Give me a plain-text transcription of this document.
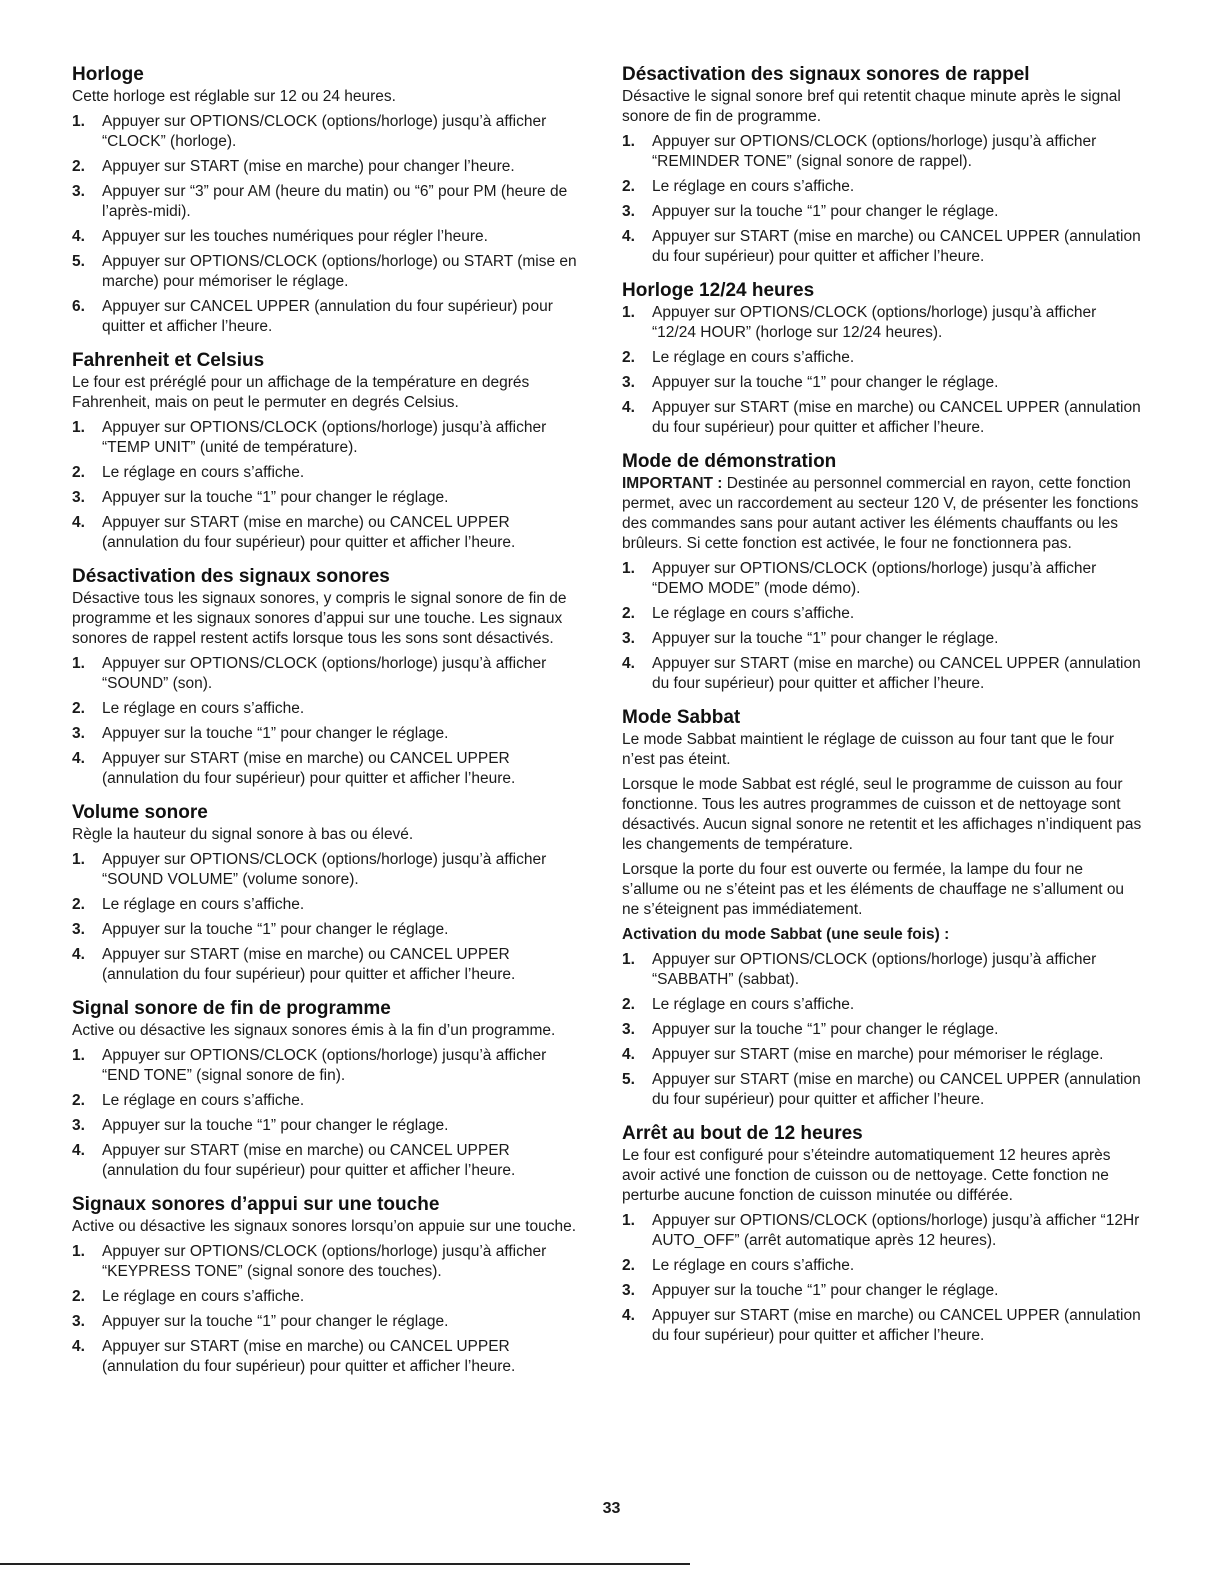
Horloge

Cette horloge est réglable sur 12 ou 24 heures.

1. Appuyer sur OPTIONS/CLOCK (options/horloge) jusqu’à afficher “CLOCK” (horloge).
2. Appuyer sur START (mise en marche) pour changer l’heure.
3. Appuyer sur “3” pour AM (heure du matin) ou “6” pour PM (heure de l’après-midi).
4. Appuyer sur les touches numériques pour régler l’heure.
5. Appuyer sur OPTIONS/CLOCK (options/horloge) ou START (mise en marche) pour mémoriser le réglage.
6. Appuyer sur CANCEL UPPER (annulation du four supérieur) pour quitter et afficher l’heure.
Fahrenheit et Celsius

Le four est préréglé pour un affichage de la température en degrés Fahrenheit, mais on peut le permuter en degrés Celsius.

1. Appuyer sur OPTIONS/CLOCK (options/horloge) jusqu’à afficher “TEMP UNIT” (unité de température).
2. Le réglage en cours s’affiche.
3. Appuyer sur la touche “1” pour changer le réglage.
4. Appuyer sur START (mise en marche) ou CANCEL UPPER (annulation du four supérieur) pour quitter et afficher l’heure.
Désactivation des signaux sonores

Désactive tous les signaux sonores, y compris le signal sonore de fin de programme et les signaux sonores d’appui sur une touche. Les signaux sonores de rappel restent actifs lorsque tous les sons sont désactivés.

1. Appuyer sur OPTIONS/CLOCK (options/horloge) jusqu’à afficher “SOUND” (son).
2. Le réglage en cours s’affiche.
3. Appuyer sur la touche “1” pour changer le réglage.
4. Appuyer sur START (mise en marche) ou CANCEL UPPER (annulation du four supérieur) pour quitter et afficher l’heure.
Volume sonore

Règle la hauteur du signal sonore à bas ou élevé.

1. Appuyer sur OPTIONS/CLOCK (options/horloge) jusqu’à afficher “SOUND VOLUME” (volume sonore).
2. Le réglage en cours s’affiche.
3. Appuyer sur la touche “1” pour changer le réglage.
4. Appuyer sur START (mise en marche) ou CANCEL UPPER (annulation du four supérieur) pour quitter et afficher l’heure.
Signal sonore de fin de programme

Active ou désactive les signaux sonores émis à la fin d’un programme.

1. Appuyer sur OPTIONS/CLOCK (options/horloge) jusqu’à afficher “END TONE” (signal sonore de fin).
2. Le réglage en cours s’affiche.
3. Appuyer sur la touche “1” pour changer le réglage.
4. Appuyer sur START (mise en marche) ou CANCEL UPPER (annulation du four supérieur) pour quitter et afficher l’heure.
Signaux sonores d’appui sur une touche

Active ou désactive les signaux sonores lorsqu’on appuie sur une touche.

1. Appuyer sur OPTIONS/CLOCK (options/horloge) jusqu’à afficher “KEYPRESS TONE” (signal sonore des touches).
2. Le réglage en cours s’affiche.
3. Appuyer sur la touche “1” pour changer le réglage.
4. Appuyer sur START (mise en marche) ou CANCEL UPPER (annulation du four supérieur) pour quitter et afficher l’heure.
Désactivation des signaux sonores de rappel

Désactive le signal sonore bref qui retentit chaque minute après le signal sonore de fin de programme.

1. Appuyer sur OPTIONS/CLOCK (options/horloge) jusqu’à afficher “REMINDER TONE” (signal sonore de rappel).
2. Le réglage en cours s’affiche.
3. Appuyer sur la touche “1” pour changer le réglage.
4. Appuyer sur START (mise en marche) ou CANCEL UPPER (annulation du four supérieur) pour quitter et afficher l’heure.
Horloge 12/24 heures
1. Appuyer sur OPTIONS/CLOCK (options/horloge) jusqu’à afficher “12/24 HOUR” (horloge sur 12/24 heures).
2. Le réglage en cours s’affiche.
3. Appuyer sur la touche “1” pour changer le réglage.
4. Appuyer sur START (mise en marche) ou CANCEL UPPER (annulation du four supérieur) pour quitter et afficher l’heure.
Mode de démonstration

IMPORTANT : Destinée au personnel commercial en rayon, cette fonction permet, avec un raccordement au secteur 120 V, de présenter les fonctions des commandes sans pour autant activer les éléments chauffants ou les brûleurs. Si cette fonction est activée, le four ne fonctionnera pas.

1. Appuyer sur OPTIONS/CLOCK (options/horloge) jusqu’à afficher “DEMO MODE” (mode démo).
2. Le réglage en cours s’affiche.
3. Appuyer sur la touche “1” pour changer le réglage.
4. Appuyer sur START (mise en marche) ou CANCEL UPPER (annulation du four supérieur) pour quitter et afficher l’heure.
Mode Sabbat

Le mode Sabbat maintient le réglage de cuisson au four tant que le four n’est pas éteint.

Lorsque le mode Sabbat est réglé, seul le programme de cuisson au four fonctionne. Tous les autres programmes de cuisson et de nettoyage sont désactivés. Aucun signal sonore ne retentit et les affichages n’indiquent pas les changements de température.

Lorsque la porte du four est ouverte ou fermée, la lampe du four ne s’allume ou ne s’éteint pas et les éléments de chauffage ne s’allument ou ne s’éteignent pas immédiatement.

Activation du mode Sabbat (une seule fois) :
1. Appuyer sur OPTIONS/CLOCK (options/horloge) jusqu’à afficher “SABBATH” (sabbat).
2. Le réglage en cours s’affiche.
3. Appuyer sur la touche “1” pour changer le réglage.
4. Appuyer sur START (mise en marche) pour mémoriser le réglage.
5. Appuyer sur START (mise en marche) ou CANCEL UPPER (annulation du four supérieur) pour quitter et afficher l’heure.
Arrêt au bout de 12 heures

Le four est configuré pour s’éteindre automatiquement 12 heures après avoir activé une fonction de cuisson ou de nettoyage. Cette fonction ne perturbe aucune fonction de cuisson minutée ou différée.

1. Appuyer sur OPTIONS/CLOCK (options/horloge) jusqu’à afficher “12Hr AUTO_OFF” (arrêt automatique après 12 heures).
2. Le réglage en cours s’affiche.
3. Appuyer sur la touche “1” pour changer le réglage.
4. Appuyer sur START (mise en marche) ou CANCEL UPPER (annulation du four supérieur) pour quitter et afficher l’heure.
33
